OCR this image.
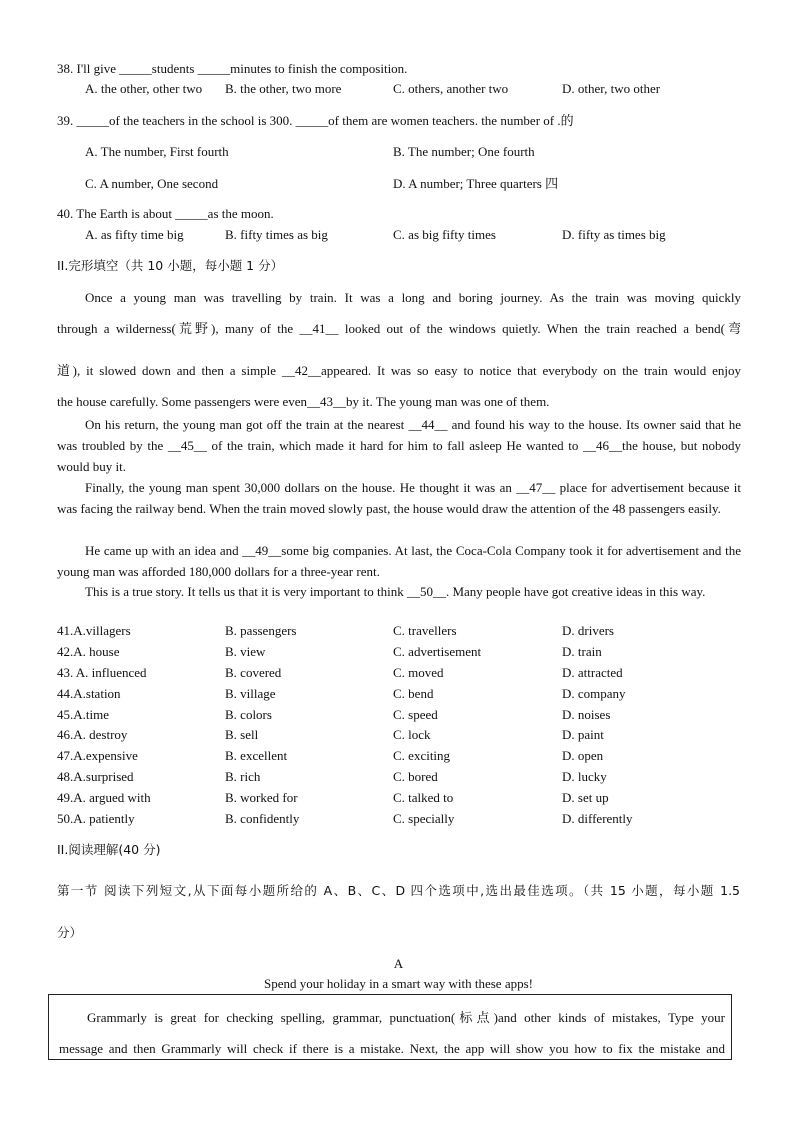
38. I'll give _____students _____minutes to finish the composition.
A. the other, other two B. the other, two more	C. others, another two	D. other, two other
39. _____of the teachers in the school is 300. _____of them are women teachers. the number of .的
A. The number, First fourth	B. The number; One fourth
C. A number, One second	D. A number; Three quarters 四
40. The Earth is about _____as the moon.
A. as fifty time big	B. fifty times as big	C. as big fifty times	D. fifty as times big
II.完形填空（共 10 小题，每小题 1 分）
Once a young man was travelling by train. It was a long and boring journey. As the train was moving quickly
through a wilderness(荒野), many of the __41__ looked out of the windows quietly. When the train reached a bend(弯
道), it slowed down and then a simple __42__appeared. It was so easy to notice that everybody on the train would enjoy
the house carefully. Some passengers were even__43__by it. The young man was one of them.
On his return, the young man got off the train at the nearest __44__ and found his way to the house. Its owner said that he was troubled by the __45__ of the train, which made it hard for him to fall asleep He wanted to __46__the house, but nobody would buy it.
Finally, the young man spent 30,000 dollars on the house. He thought it was an __47__ place for advertisement because it was facing the railway bend. When the train moved slowly past, the house would draw the attention of the 48 passengers easily.
He came up with an idea and __49__some big companies. At last, the Coca-Cola Company took it for advertisement and the young man was afforded 180,000 dollars for a three-year rent.
This is a true story. It tells us that it is very important to think __50__. Many people have got creative ideas in this way.
41.A.villagers	B. passengers	C. travellers	D. drivers
42.A. house	B. view	C. advertisement	D. train
43. A. influenced	B. covered	C. moved	D. attracted
44.A.station	B. village	C. bend	D. company
45.A.time	B. colors	C. speed	D. noises
46.A. destroy	B. sell	C. lock	D. paint
47.A.expensive	B. excellent	C. exciting	D. open
48.A.surprised	B. rich	C. bored	D. lucky
49.A. argued with	B. worked for	C. talked to	D. set up
50.A. patiently	B. confidently	C. specially	D. differently
II.阅读理解(40 分)
第一节 阅读下列短文,从下面每小题所给的 A、B、C、D 四个选项中,选出最佳选项。（共 15 小题，每小题 1.5
分）
A
Spend your holiday in a smart way with these apps!
Grammarly is great for checking spelling, grammar, punctuation(标点)and other kinds of mistakes, Type your
message and then Grammarly will check if there is a mistake. Next, the app will show you how to fix the mistake and
